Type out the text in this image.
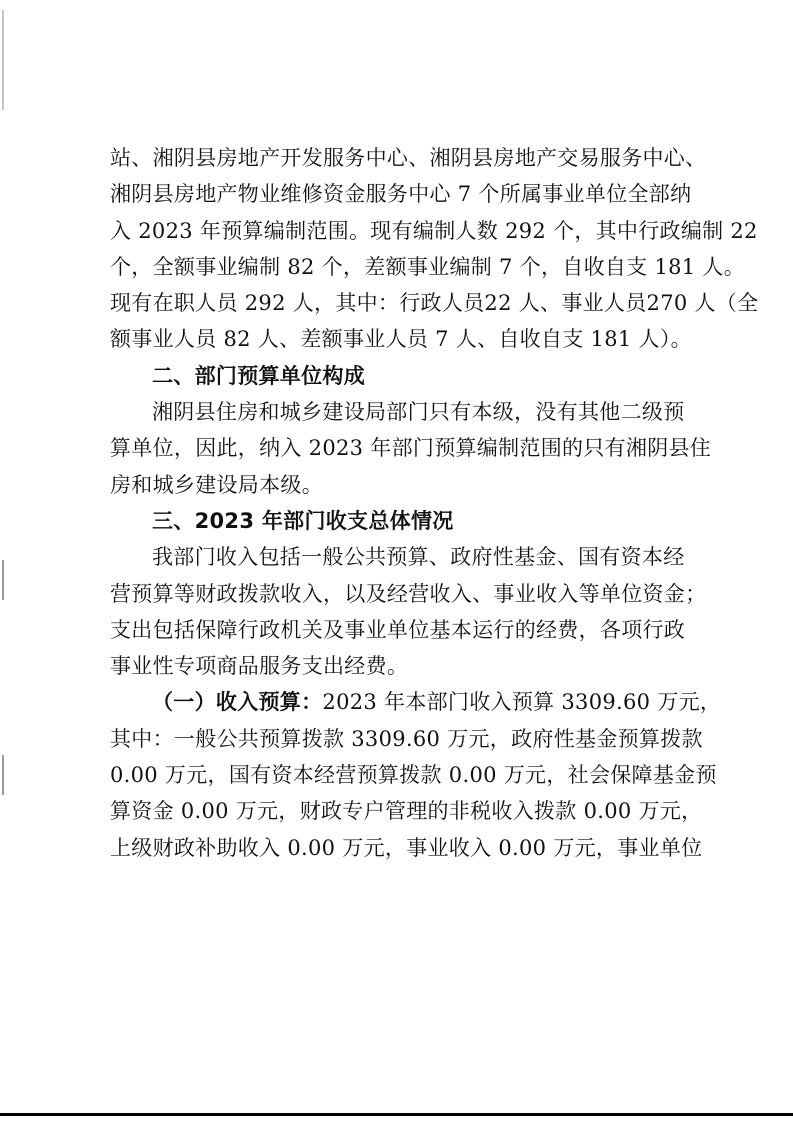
站、湘阴县房地产开发服务中心、湘阴县房地产交易服务中心、
湘阴县房地产物业维修资金服务中心 7 个所属事业单位全部纳
入 2023 年预算编制范围。现有编制人数 292 个，其中行政编制 22
个，全额事业编制 82 个，差额事业编制 7 个，自收自支 181 人。
现有在职人员 292 人，其中：行政人员22 人、事业人员270 人（全
额事业人员 82 人、差额事业人员 7 人、自收自支 181 人）。
二、部门预算单位构成
湘阴县住房和城乡建设局部门只有本级，没有其他二级预
算单位，因此，纳入 2023 年部门预算编制范围的只有湘阴县住
房和城乡建设局本级。
三、2023 年部门收支总体情况
我部门收入包括一般公共预算、政府性基金、国有资本经
营预算等财政拨款收入，以及经营收入、事业收入等单位资金；
支出包括保障行政机关及事业单位基本运行的经费，各项行政
事业性专项商品服务支出经费。
（一）收入预算：2023 年本部门收入预算 3309.60 万元，
其中：一般公共预算拨款 3309.60 万元，政府性基金预算拨款
0.00 万元，国有资本经营预算拨款 0.00 万元，社会保障基金预
算资金 0.00 万元，财政专户管理的非税收入拨款 0.00 万元，
上级财政补助收入 0.00 万元，事业收入 0.00 万元，事业单位
